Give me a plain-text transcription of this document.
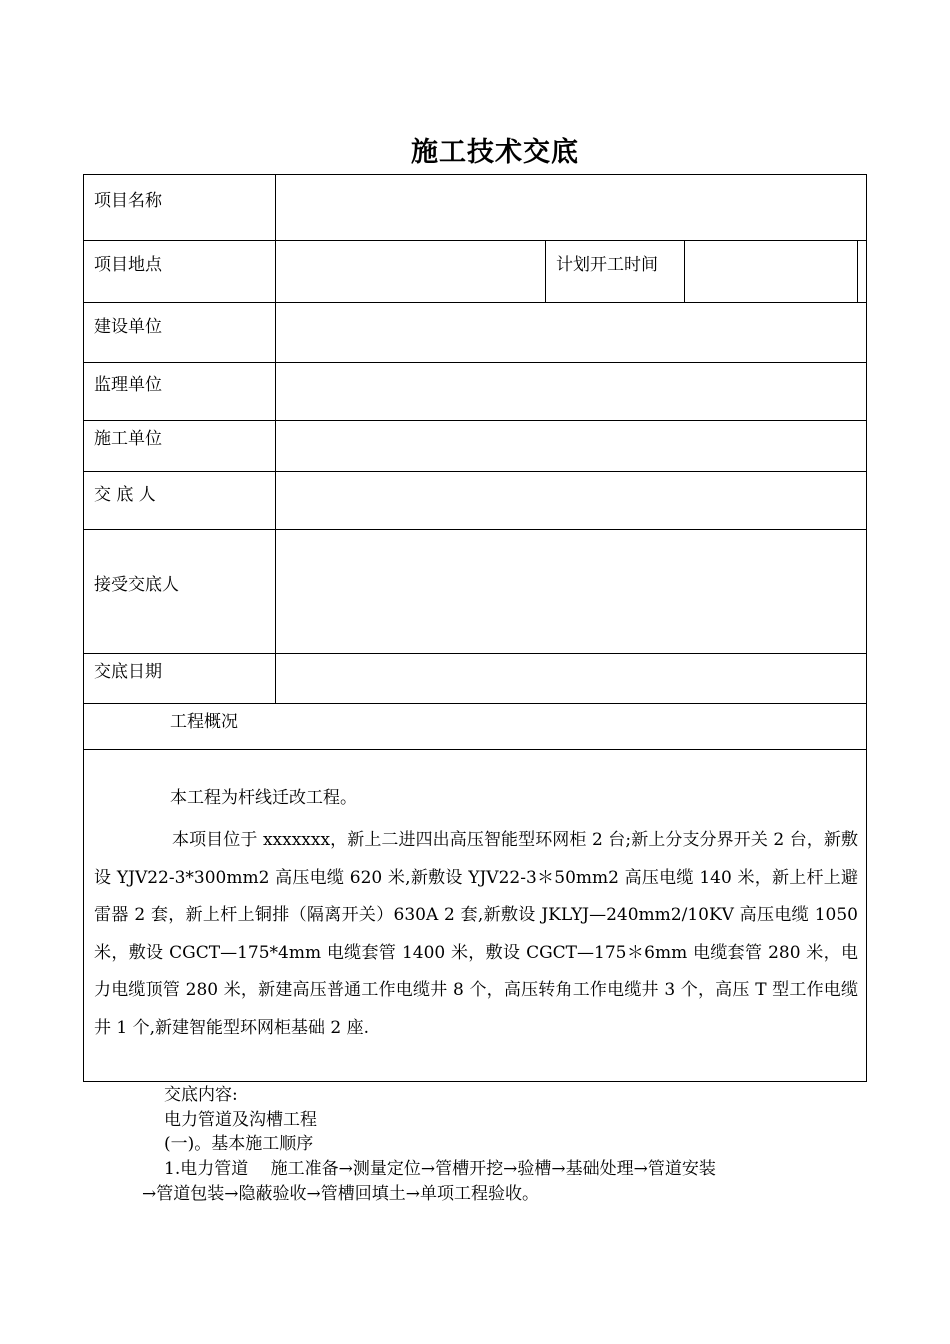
施工技术交底
项目名称
项目地点	计划开工时间
建设单位
监理单位
施工单位
交 底 人
接受交底人
交底日期
工程概况
本工程为杆线迁改工程。

本项目位于 xxxxxxx，新上二进四出高压智能型环网柜 2 台;新上分支分界开关 2 台，新敷设 YJV22-3*300mm2 高压电缆 620 米,新敷设 YJV22-3＊50mm2 高压电缆 140 米，新上杆上避雷器 2 套，新上杆上铜排（隔离开关）630A 2 套,新敷设 JKLYJ—240mm2/10KV 高压电缆 1050 米，敷设 CGCT—175*4mm 电缆套管 1400 米，敷设 CGCT—175＊6mm 电缆套管 280 米，电力电缆顶管 280 米，新建高压普通工作电缆井 8 个，高压转角工作电缆井 3 个，高压 T 型工作电缆井 1 个,新建智能型环网柜基础 2 座.

交底内容:
电力管道及沟槽工程
(一)。基本施工顺序
1.电力管道　 施工准备→测量定位→管槽开挖→验槽→基础处理→管道安装
→管道包装→隐蔽验收→管槽回填土→单项工程验收。
